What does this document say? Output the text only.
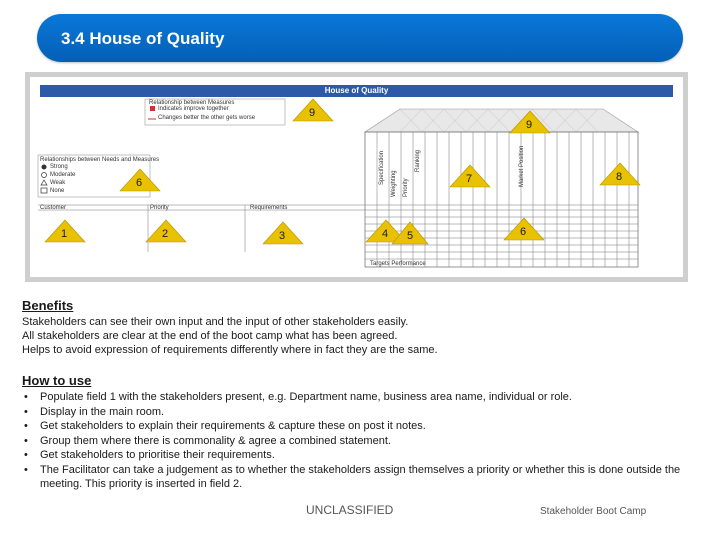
3.4 House of Quality
House of Quality
Relationship between Measures
Indicates improve together
Changes better the other gets worse
Relationships between Needs and Measures
Strong
Moderate
Weak
None
Customer	Priority	Requirements
Targets Performance
Specification Weighting Priority
Ranking	Market Position
9
9
6	7	8
1	2	3	4 5	6
Benefits
Stakeholders can see their own input and the input of other stakeholders easily.
All stakeholders are clear at the end of the boot camp what has been agreed.
Helps to avoid expression of requirements differently where in fact they are the same.
How to use
• Populate field 1 with the stakeholders present, e.g. Department name, business area name, individual or role.
• Display in the main room.
• Get stakeholders to explain their requirements & capture these on post it notes.
• Group them where there is commonality & agree a combined statement.
• Get stakeholders to prioritise their requirements.
• The Facilitator can take a judgement as to whether the stakeholders assign themselves a priority or whether this is done outside the meeting. This priority is inserted in field 2.
UNCLASSIFIED	Stakeholder Boot Camp
